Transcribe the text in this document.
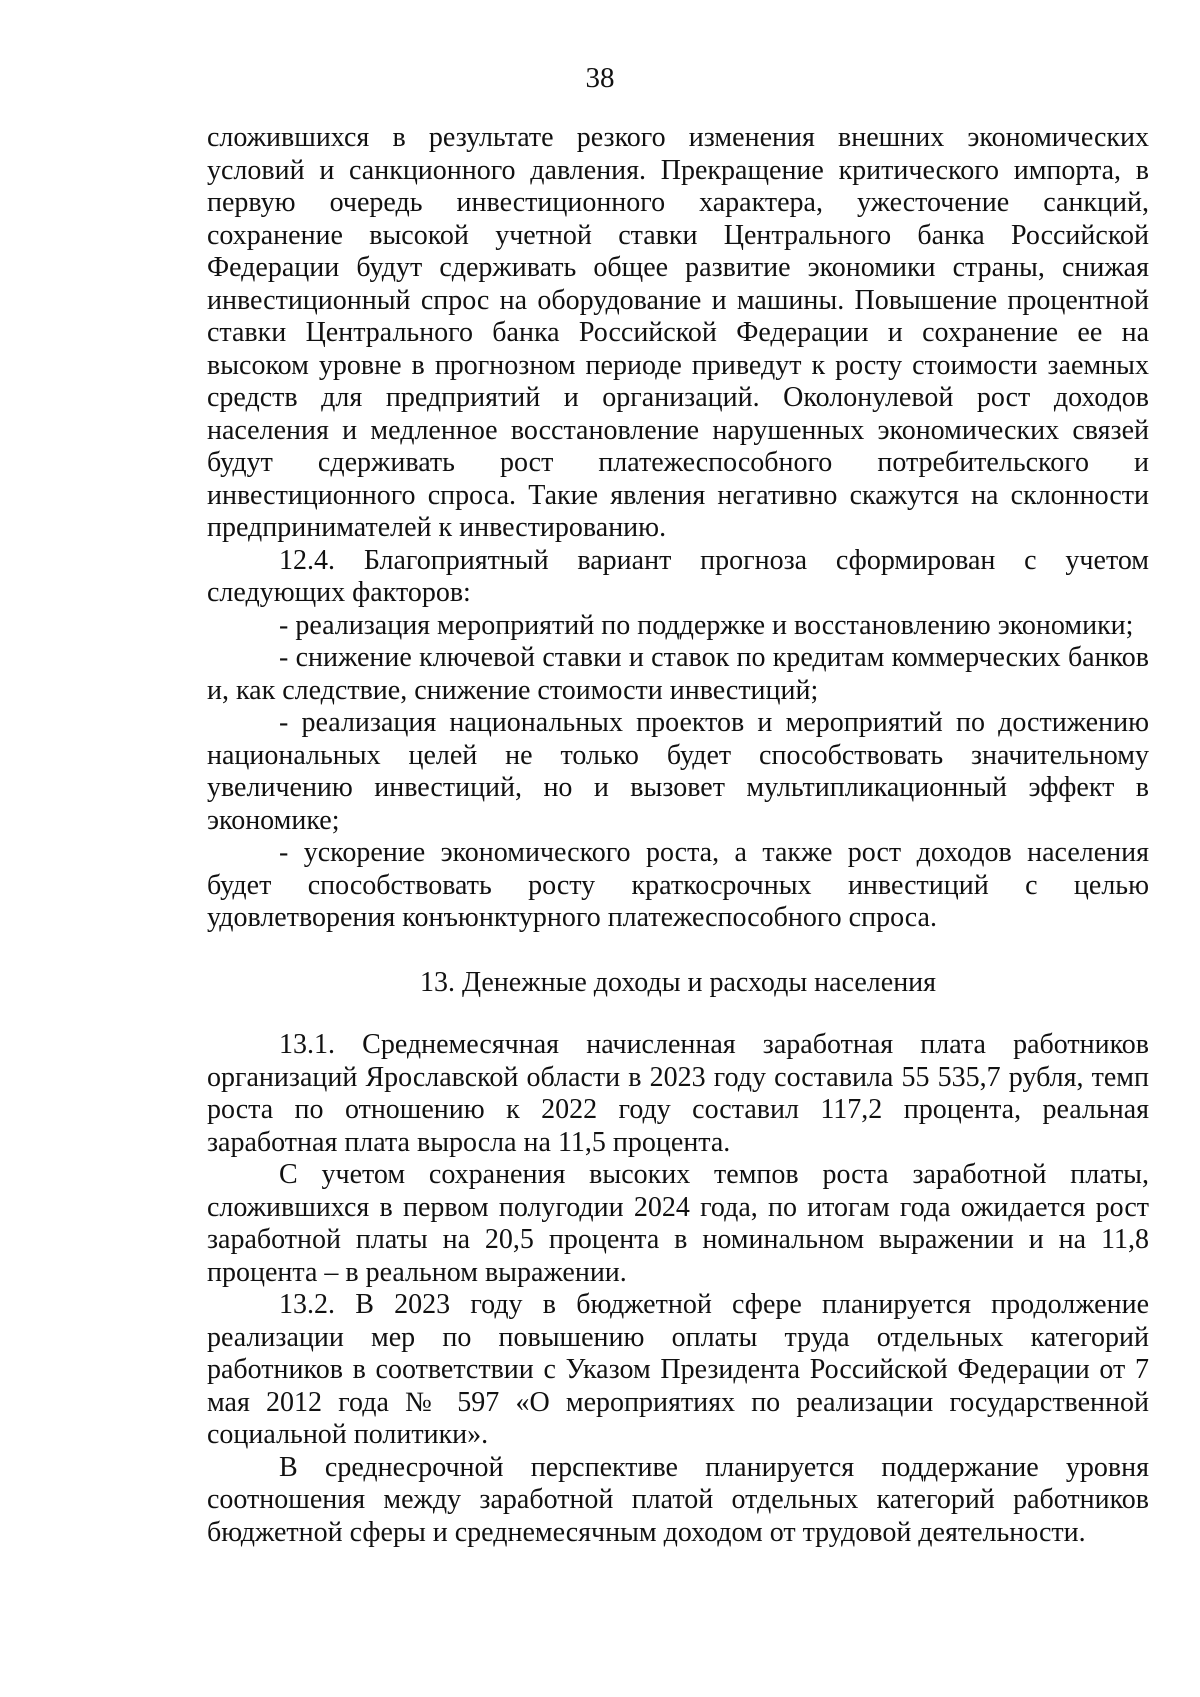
38

сложившихся в результате резкого изменения внешних экономических условий и санкционного давления. Прекращение критического импорта, в первую очередь инвестиционного характера, ужесточение санкций, сохранение высокой учетной ставки Центрального банка Российской Федерации будут сдерживать общее развитие экономики страны, снижая инвестиционный спрос на оборудование и машины. Повышение процентной ставки Центрального банка Российской Федерации и сохранение ее на высоком уровне в прогнозном периоде приведут к росту стоимости заемных средств для предприятий и организаций. Околонулевой рост доходов населения и медленное восстановление нарушенных экономических связей будут сдерживать рост платежеспособного потребительского и инвестиционного спроса. Такие явления негативно скажутся на склонности предпринимателей к инвестированию.

12.4. Благоприятный вариант прогноза сформирован с учетом следующих факторов:

- реализация мероприятий по поддержке и восстановлению экономики;

- снижение ключевой ставки и ставок по кредитам коммерческих банков и, как следствие, снижение стоимости инвестиций;

- реализация национальных проектов и мероприятий по достижению национальных целей не только будет способствовать значительному увеличению инвестиций, но и вызовет мультипликационный эффект в экономике;

- ускорение экономического роста, а также рост доходов населения будет способствовать росту краткосрочных инвестиций с целью удовлетворения конъюнктурного платежеспособного спроса.

13. Денежные доходы и расходы населения

13.1. Среднемесячная начисленная заработная плата работников организаций Ярославской области в 2023 году составила 55 535,7 рубля, темп роста по отношению к 2022 году составил 117,2 процента, реальная заработная плата выросла на 11,5 процента.

С учетом сохранения высоких темпов роста заработной платы, сложившихся в первом полугодии 2024 года, по итогам года ожидается рост заработной платы на 20,5 процента в номинальном выражении и на 11,8 процента – в реальном выражении.

13.2. В 2023 году в бюджетной сфере планируется продолжение реализации мер по повышению оплаты труда отдельных категорий работников в соответствии с Указом Президента Российской Федерации от 7 мая 2012 года № 597 «О мероприятиях по реализации государственной социальной политики».

В среднесрочной перспективе планируется поддержание уровня соотношения между заработной платой отдельных категорий работников бюджетной сферы и среднемесячным доходом от трудовой деятельности.
